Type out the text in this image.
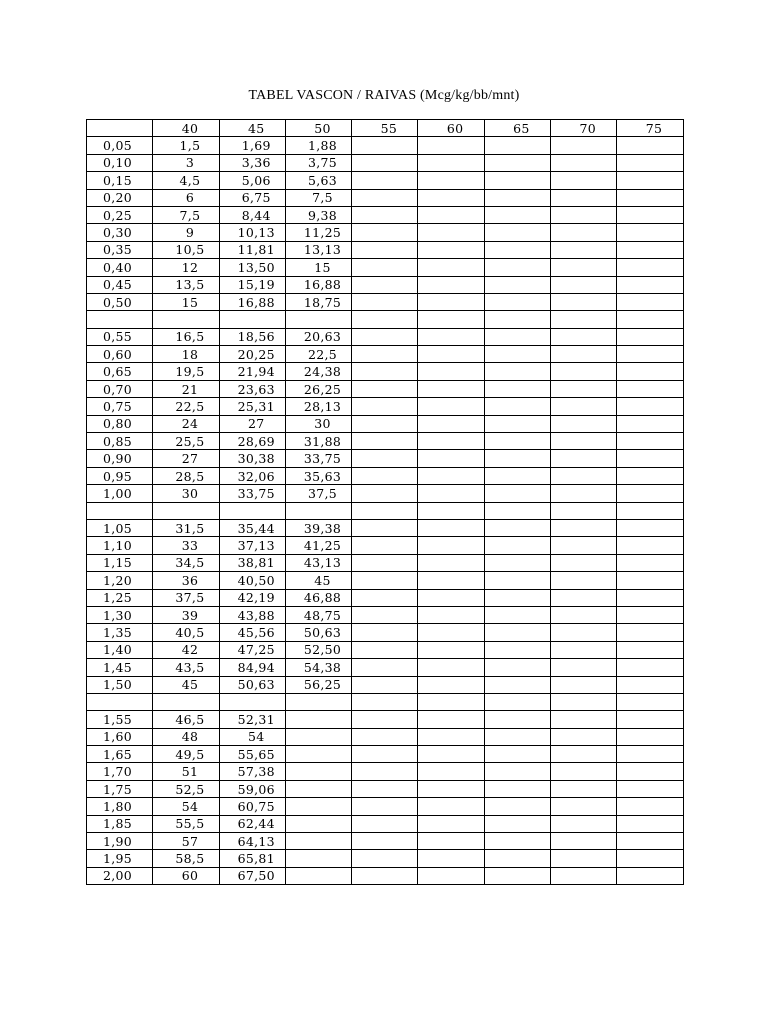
TABEL VASCON / RAIVAS (Mcg/kg/bb/mnt)
	40	45	50	55	60	65	70	75
0,05	1,5	1,69	1,88					
0,10	3	3,36	3,75					
0,15	4,5	5,06	5,63					
0,20	6	6,75	7,5					
0,25	7,5	8,44	9,38					
0,30	9	10,13	11,25					
0,35	10,5	11,81	13,13					
0,40	12	13,50	15					
0,45	13,5	15,19	16,88					
0,50	15	16,88	18,75					

0,55	16,5	18,56	20,63					
0,60	18	20,25	22,5					
0,65	19,5	21,94	24,38					
0,70	21	23,63	26,25					
0,75	22,5	25,31	28,13					
0,80	24	27	30					
0,85	25,5	28,69	31,88					
0,90	27	30,38	33,75					
0,95	28,5	32,06	35,63					
1,00	30	33,75	37,5					

1,05	31,5	35,44	39,38					
1,10	33	37,13	41,25					
1,15	34,5	38,81	43,13					
1,20	36	40,50	45					
1,25	37,5	42,19	46,88					
1,30	39	43,88	48,75					
1,35	40,5	45,56	50,63					
1,40	42	47,25	52,50					
1,45	43,5	84,94	54,38					
1,50	45	50,63	56,25					

1,55	46,5	52,31						
1,60	48	54						
1,65	49,5	55,65						
1,70	51	57,38						
1,75	52,5	59,06						
1,80	54	60,75						
1,85	55,5	62,44						
1,90	57	64,13						
1,95	58,5	65,81						
2,00	60	67,50						
